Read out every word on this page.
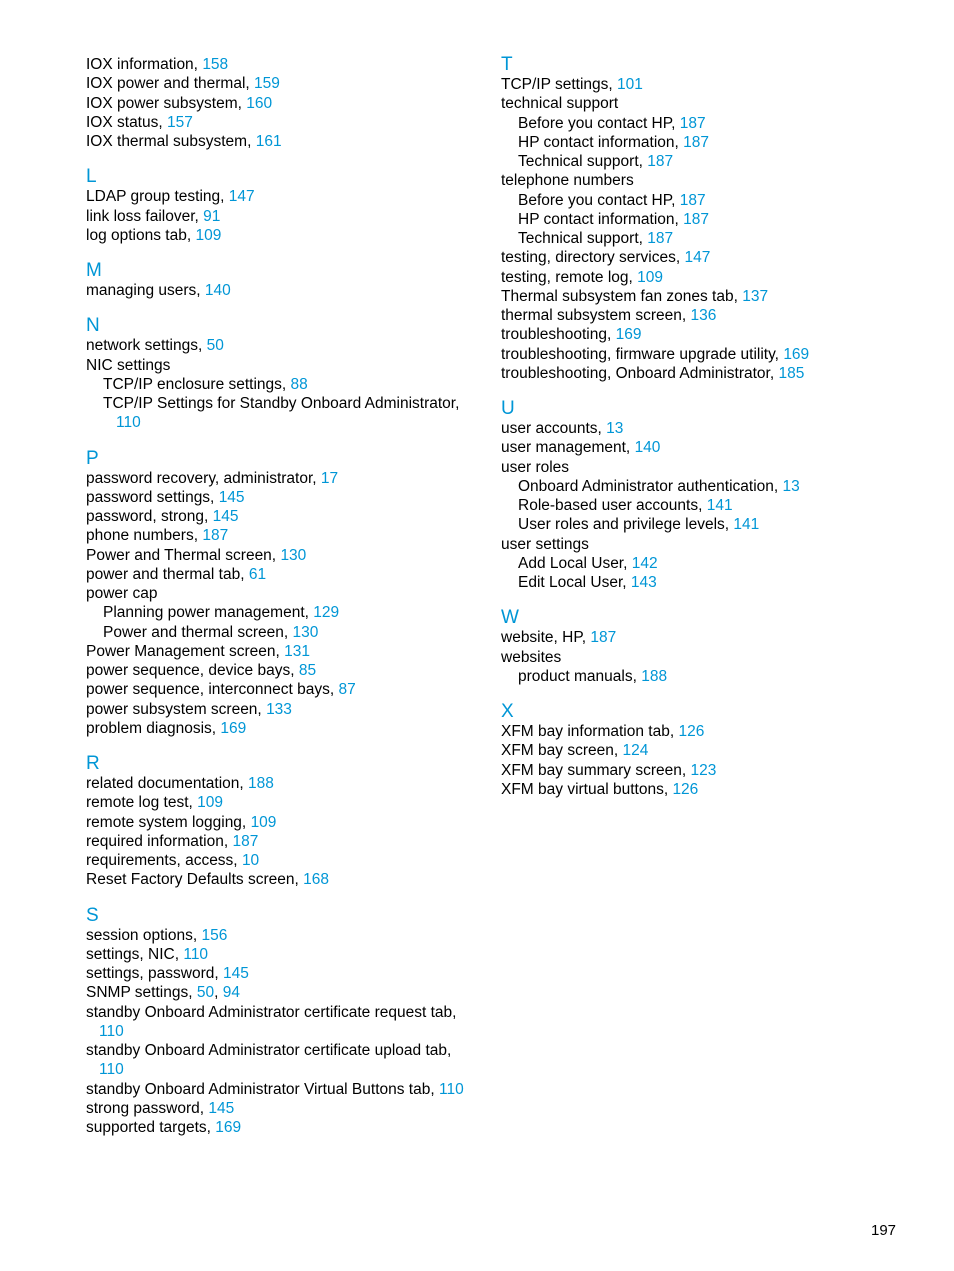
IOX information, 158
IOX power and thermal, 159
IOX power subsystem, 160
IOX status, 157
IOX thermal subsystem, 161
L
LDAP group testing, 147
link loss failover, 91
log options tab, 109
M
managing users, 140
N
network settings, 50
NIC settings
TCP/IP enclosure settings, 88
TCP/IP Settings for Standby Onboard Administrator,
110
P
password recovery, administrator, 17
password settings, 145
password, strong, 145
phone numbers, 187
Power and Thermal screen, 130
power and thermal tab, 61
power cap
Planning power management, 129
Power and thermal screen, 130
Power Management screen, 131
power sequence, device bays, 85
power sequence, interconnect bays, 87
power subsystem screen, 133
problem diagnosis, 169
R
related documentation, 188
remote log test, 109
remote system logging, 109
required information, 187
requirements, access, 10
Reset Factory Defaults screen, 168
S
session options, 156
settings, NIC, 110
settings, password, 145
SNMP settings, 50, 94
standby Onboard Administrator certificate request tab,
110
standby Onboard Administrator certificate upload tab,
110
standby Onboard Administrator Virtual Buttons tab, 110
strong password, 145
supported targets, 169
T
TCP/IP settings, 101
technical support
Before you contact HP, 187
HP contact information, 187
Technical support, 187
telephone numbers
Before you contact HP, 187
HP contact information, 187
Technical support, 187
testing, directory services, 147
testing, remote log, 109
Thermal subsystem fan zones tab, 137
thermal subsystem screen, 136
troubleshooting, 169
troubleshooting, firmware upgrade utility, 169
troubleshooting, Onboard Administrator, 185
U
user accounts, 13
user management, 140
user roles
Onboard Administrator authentication, 13
Role-based user accounts, 141
User roles and privilege levels, 141
user settings
Add Local User, 142
Edit Local User, 143
W
website, HP, 187
websites
product manuals, 188
X
XFM bay information tab, 126
XFM bay screen, 124
XFM bay summary screen, 123
XFM bay virtual buttons, 126
197
